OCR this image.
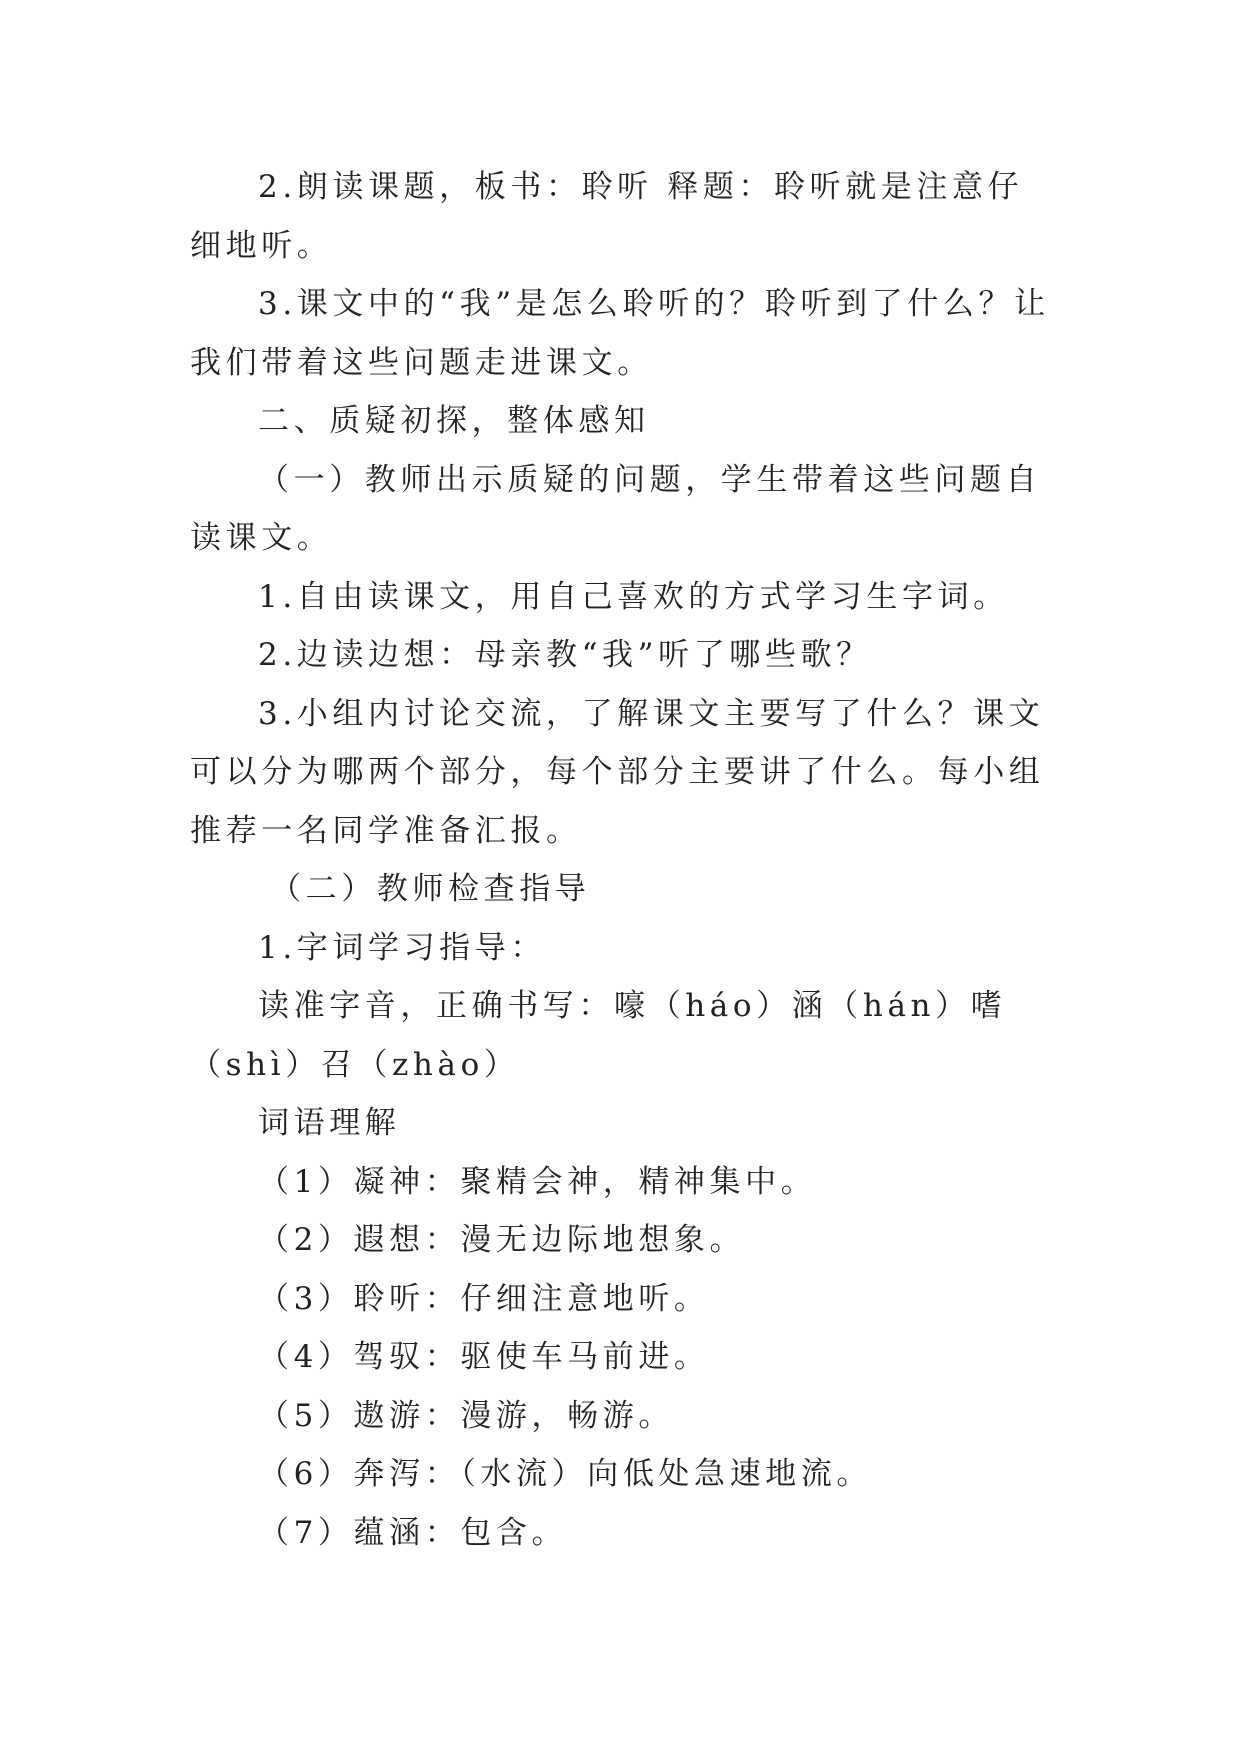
2.朗读课题，板书：聆听 释题：聆听就是注意仔细地听。

3.课文中的“我”是怎么聆听的？聆听到了什么？让我们带着这些问题走进课文。

二、质疑初探，整体感知

（一）教师出示质疑的问题，学生带着这些问题自读课文。

1.自由读课文，用自己喜欢的方式学习生字词。

2.边读边想：母亲教“我”听了哪些歌？

3.小组内讨论交流，了解课文主要写了什么？课文可以分为哪两个部分，每个部分主要讲了什么。每小组推荐一名同学准备汇报。

（二）教师检查指导

1.字词学习指导：

读准字音，正确书写：嚎（háo）涵（hán）嗜（shì）召（zhào）

词语理解

（1）凝神：聚精会神，精神集中。

（2）遐想：漫无边际地想象。

（3）聆听：仔细注意地听。

（4）驾驭：驱使车马前进。

（5）遨游：漫游，畅游。

（6）奔泻：（水流）向低处急速地流。

（7）蕴涵：包含。
